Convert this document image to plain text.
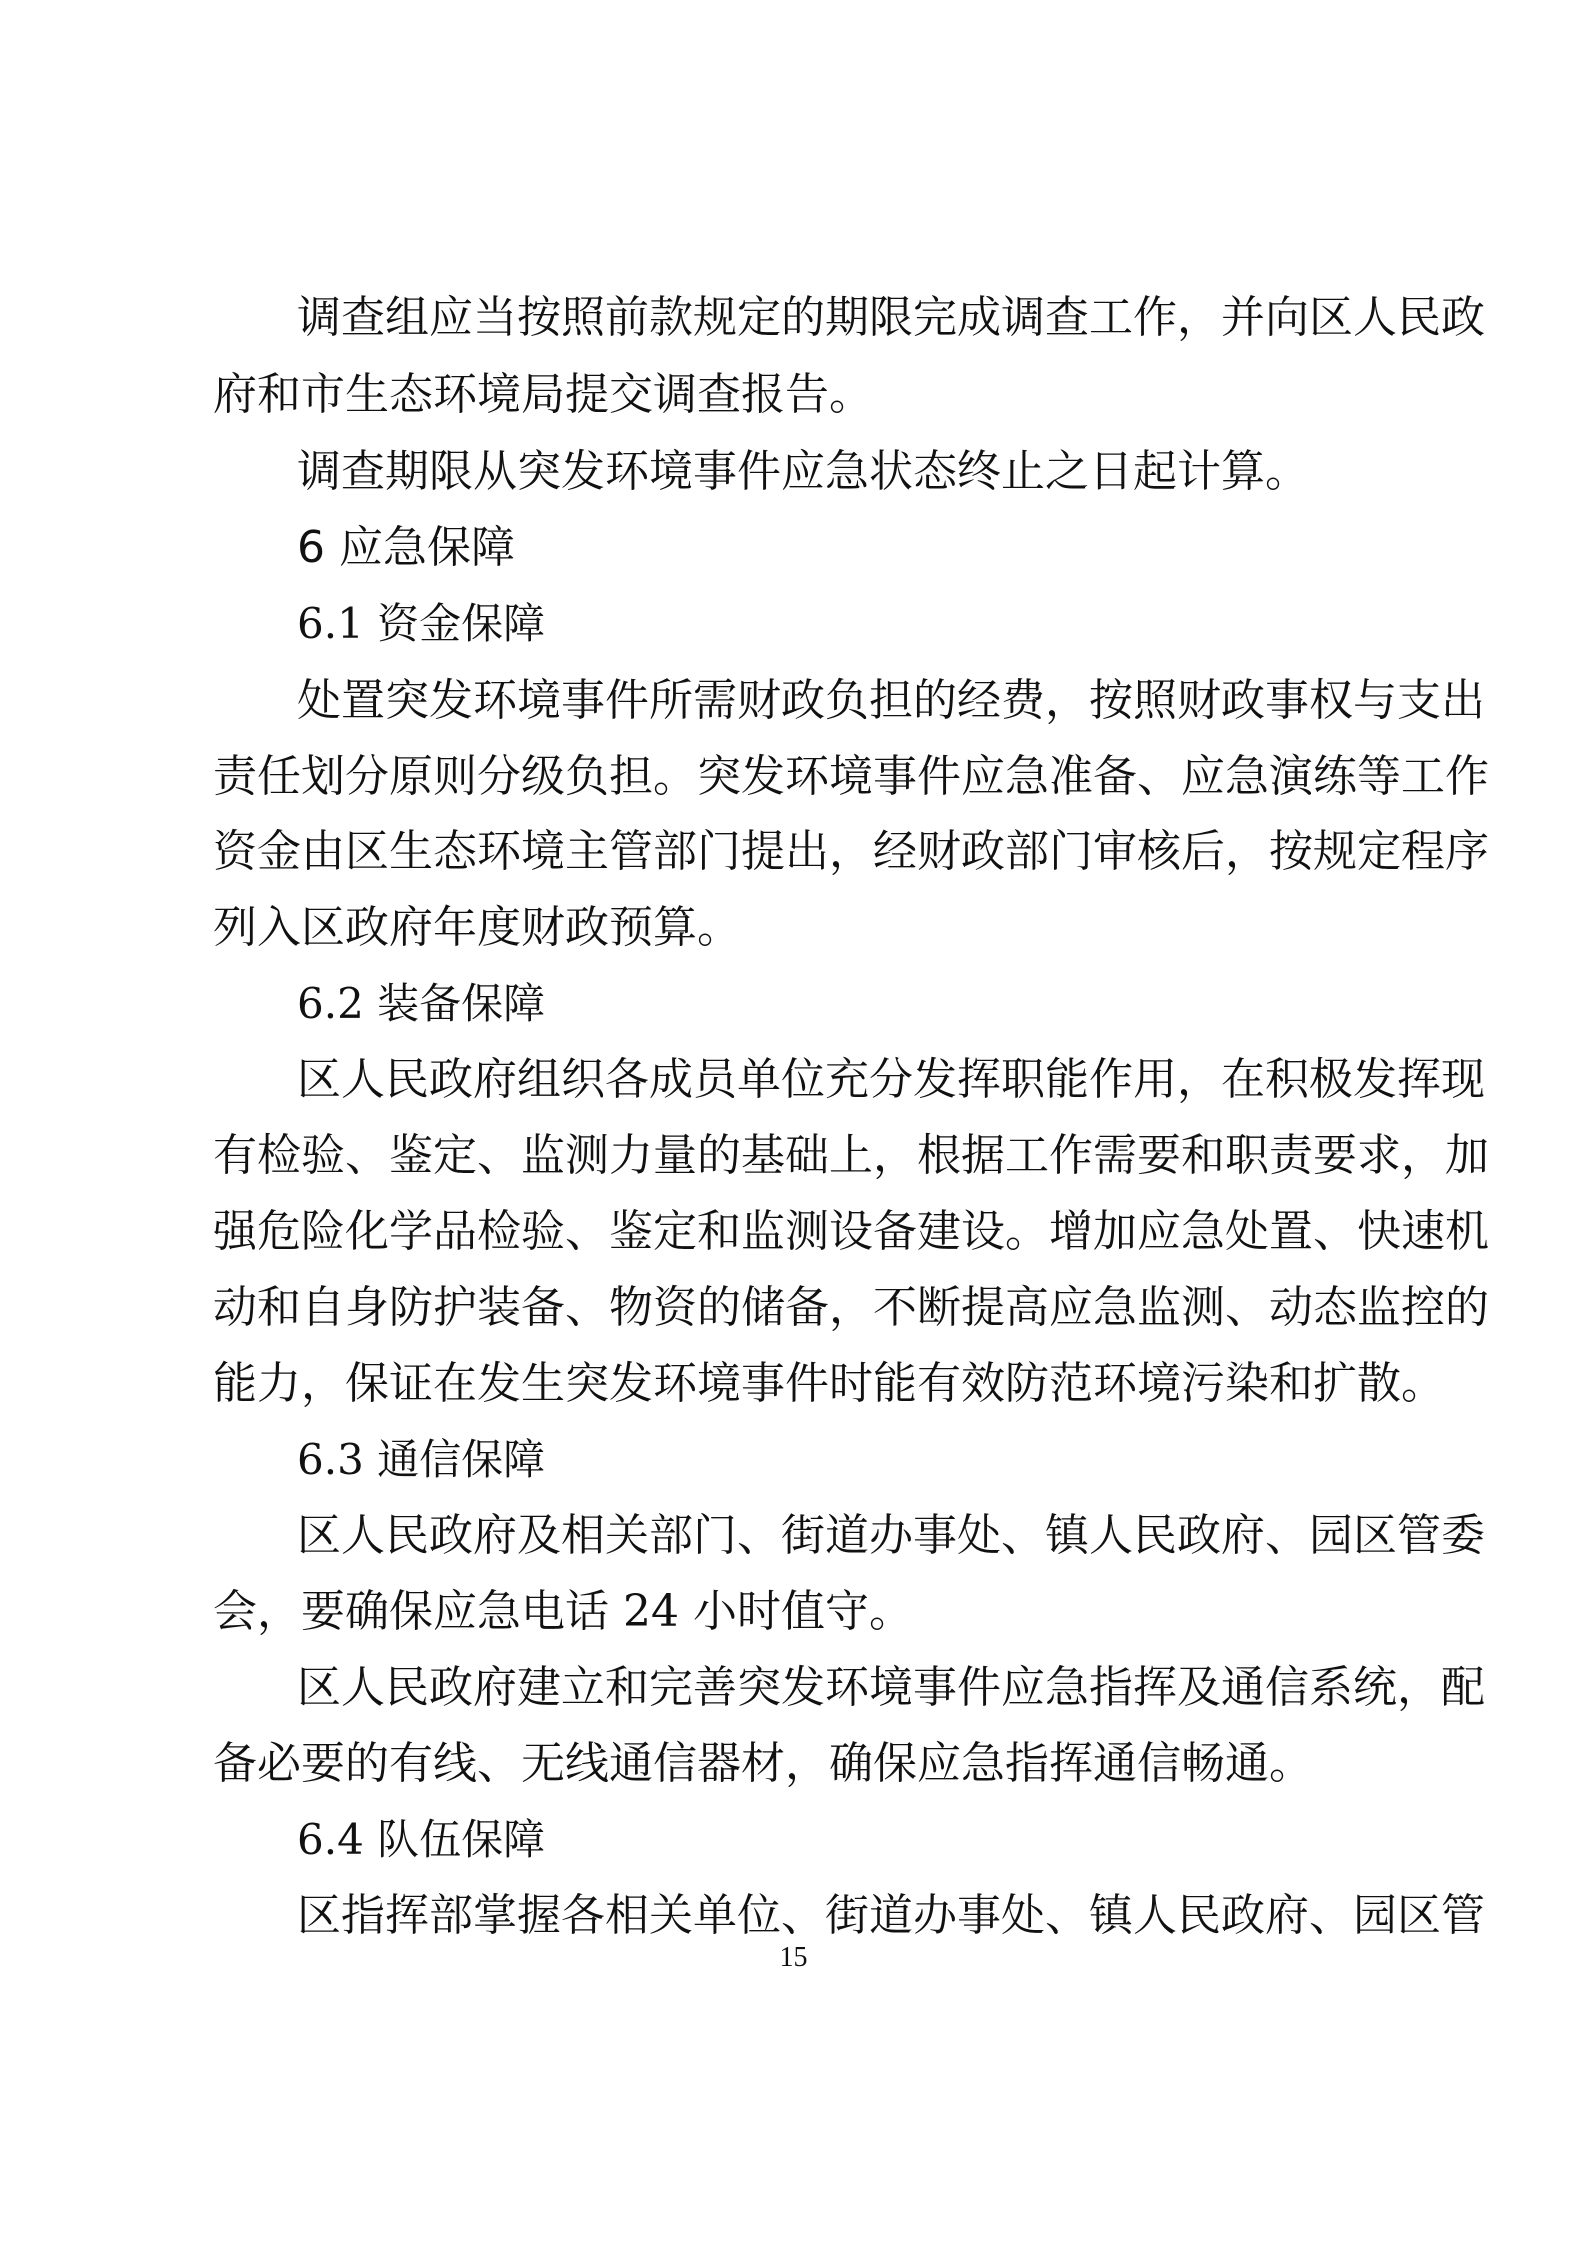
调查组应当按照前款规定的期限完成调查工作，并向区人民政
府和市生态环境局提交调查报告。
调查期限从突发环境事件应急状态终止之日起计算。
6 应急保障
6.1 资金保障
处置突发环境事件所需财政负担的经费，按照财政事权与支出
责任划分原则分级负担。突发环境事件应急准备、应急演练等工作
资金由区生态环境主管部门提出，经财政部门审核后，按规定程序
列入区政府年度财政预算。
6.2 装备保障
区人民政府组织各成员单位充分发挥职能作用，在积极发挥现
有检验、鉴定、监测力量的基础上，根据工作需要和职责要求，加
强危险化学品检验、鉴定和监测设备建设。增加应急处置、快速机
动和自身防护装备、物资的储备，不断提高应急监测、动态监控的
能力，保证在发生突发环境事件时能有效防范环境污染和扩散。
6.3 通信保障
区人民政府及相关部门、街道办事处、镇人民政府、园区管委
会，要确保应急电话 24 小时值守。
区人民政府建立和完善突发环境事件应急指挥及通信系统，配
备必要的有线、无线通信器材，确保应急指挥通信畅通。
6.4 队伍保障
区指挥部掌握各相关单位、街道办事处、镇人民政府、园区管
15
